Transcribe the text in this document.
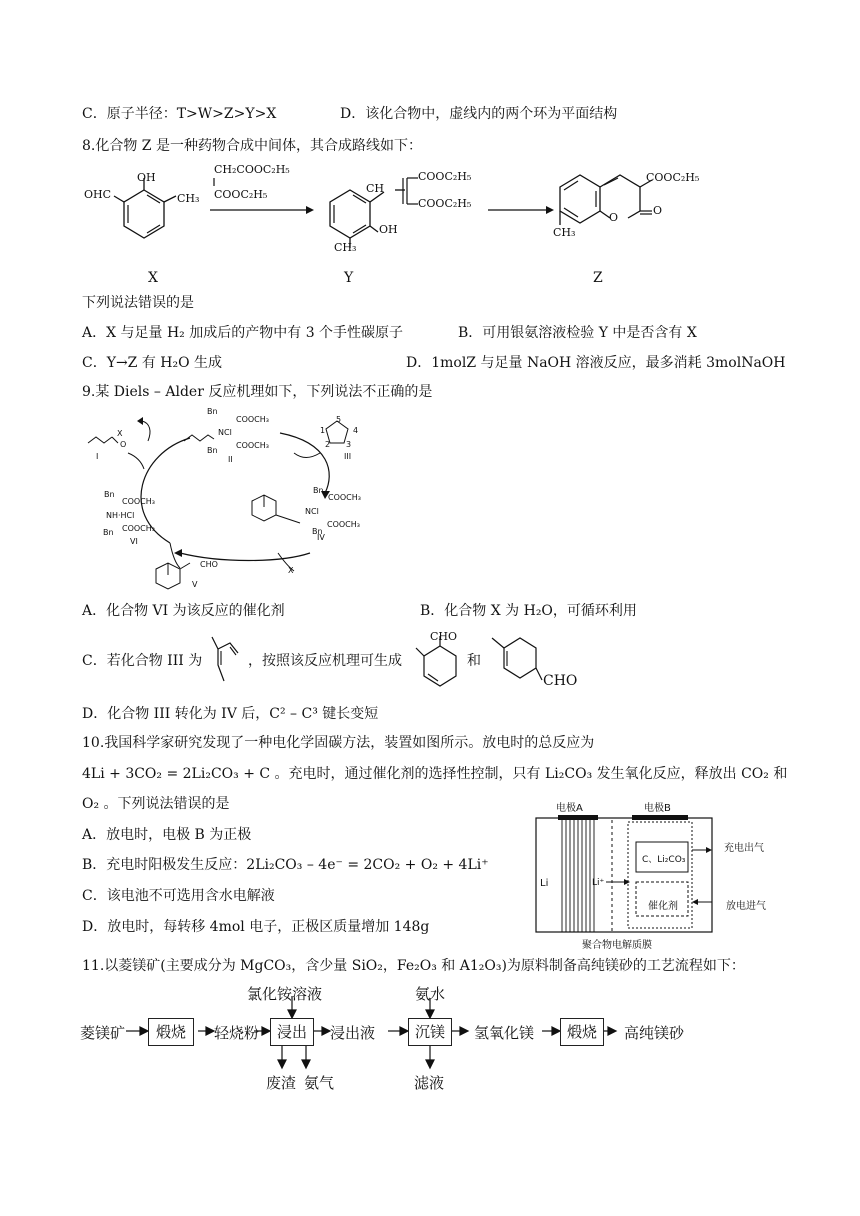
C．原子半径：T>W>Z>Y>X	D．该化合物中，虚线内的两个环为平面结构
8.化合物 Z 是一种药物合成中间体，其合成路线如下：
OHC
OH
CH₃
X
CH₂COOC₂H₅
COOC₂H₅	CH
COOC₂H₅
COOC₂H₅
OH
CH₃
Y
COOC₂H₅
O
O
CH₃
Z
下列说法错误的是
A．X 与足量 H₂ 加成后的产物中有 3 个手性碳原子	B．可用银氨溶液检验 Y 中是否含有 X
C．Y→Z 有 H₂O 生成	D．1molZ 与足量 NaOH 溶液反应，最多消耗 3molNaOH
9.某 Diels – Alder 反应机理如下，下列说法不正确的是
X
O
I
Bn
COOCH₃
NCl
COOCH₃
Bn
II
5
1	4
2 3
III
Bn
COOCH₃
NCl
COOCH₃
Bn
IV
Bn
COOCH₃
NH·HCl
COOCH₃
Bn
VI
CHO
V
X
A．化合物 VI 为该反应的催化剂	B．化合物 X 为 H₂O，可循环利用
C．若化合物 III 为	，按照该反应机理可生成
CHO
和
CHO
D．化合物 III 转化为 IV 后，C² – C³ 键长变短
10.我国科学家研究发现了一种电化学固碳方法，装置如图所示。放电时的总反应为
4Li + 3CO₂ = 2Li₂CO₃ + C 。充电时，通过催化剂的选择性控制，只有 Li₂CO₃ 发生氧化反应，释放出 CO₂ 和
O₂ 。下列说法错误的是
A．放电时，电极 B 为正极
B．充电时阳极发生反应：2Li₂CO₃ – 4e⁻ = 2CO₂ + O₂ + 4Li⁺
C．该电池不可选用含水电解液
D．放电时，每转移 4mol 电子，正极区质量增加 148g
电极A	电极B
Li	Li⁺
C、Li₂CO₃
催化剂
充电出气
放电进气
聚合物电解质膜
11.以菱镁矿(主要成分为 MgCO₃，含少量 SiO₂，Fe₂O₃ 和 A1₂O₃)为原料制备高纯镁砂的工艺流程如下：
菱镁矿	煅烧	轻烧粉	浸出	浸出液	沉镁	氢氧化镁	煅烧	高纯镁砂
氯化铵溶液	氨水
废渣 氨气	滤液
